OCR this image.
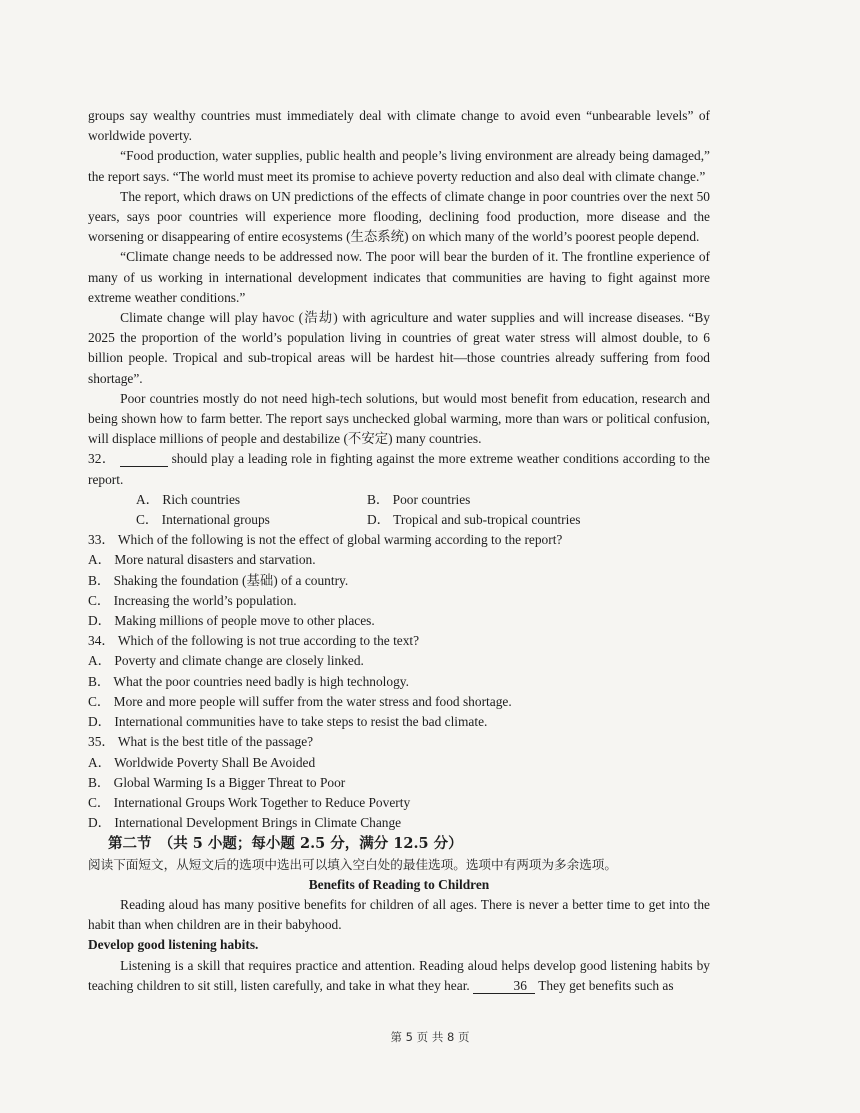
groups say wealthy countries must immediately deal with climate change to avoid even “unbearable levels” of worldwide poverty.

“Food production, water supplies, public health and people’s living environment are already being damaged,” the report says. “The world must meet its promise to achieve poverty reduction and also deal with climate change.”

The report, which draws on UN predictions of the effects of climate change in poor countries over the next 50 years, says poor countries will experience more flooding, declining food production, more disease and the worsening or disappearing of entire ecosystems (生态系统) on which many of the world’s poorest people depend.

“Climate change needs to be addressed now. The poor will bear the burden of it. The frontline experience of many of us working in international development indicates that communities are having to fight against more extreme weather conditions.”

Climate change will play havoc (浩劫) with agriculture and water supplies and will increase diseases. “By 2025 the proportion of the world’s population living in countries of great water stress will almost double, to 6 billion people. Tropical and sub-tropical areas will be hardest hit—those countries already suffering from food shortage”.

Poor countries mostly do not need high-tech solutions, but would most benefit from education, research and being shown how to farm better. The report says unchecked global warming, more than wars or political confusion, will displace millions of people and destabilize (不安定) many countries.

32．	should play a leading role in fighting against the more extreme weather conditions according to the report.

A． Rich countries	B． Poor countries
C． International groups	D． Tropical and sub-tropical countries

33． Which of the following is not the effect of global warming according to the report?

A． More natural disasters and starvation.

B． Shaking the foundation (基础) of a country.

C． Increasing the world’s population.

D． Making millions of people move to other places.

34． Which of the following is not true according to the text?

A． Poverty and climate change are closely linked.

B． What the poor countries need badly is high technology.

C． More and more people will suffer from the water stress and food shortage.

D． International communities have to take steps to resist the bad climate.

35． What is the best title of the passage?

A． Worldwide Poverty Shall Be Avoided

B． Global Warming Is a Bigger Threat to Poor

C． International Groups Work Together to Reduce Poverty

D． International Development Brings in Climate Change

第二节　（共 5 小题；每小题 2.5 分，满分 12.5 分）

阅读下面短文，从短文后的选项中选出可以填入空白处的最佳选项。选项中有两项为多余选项。

Benefits of Reading to Children

Reading aloud has many positive benefits for children of all ages. There is never a better time to get into the habit than when children are in their babyhood.

Develop good listening habits.

Listening is a skill that requires practice and attention. Reading aloud helps develop good listening habits by teaching children to sit still, listen carefully, and take in what they hear.	36 They get benefits such as

第 5 页 共 8 页
